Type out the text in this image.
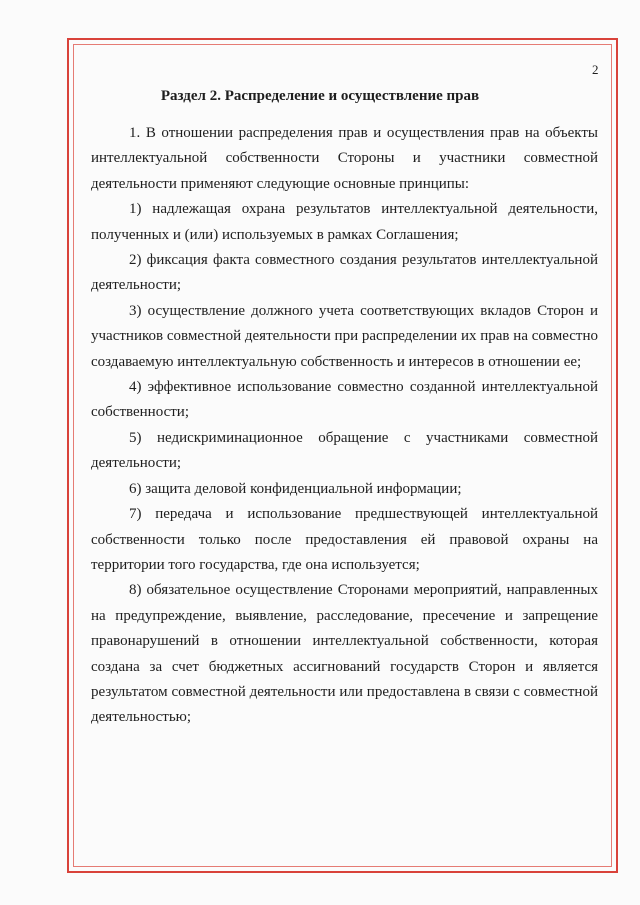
2
Раздел 2. Распределение и осуществление прав

1. В отношении распределения прав и осуществления прав на объекты интеллектуальной собственности Стороны и участники совместной деятельности применяют следующие основные принципы:

1) надлежащая охрана результатов интеллектуальной деятельности, полученных и (или) используемых в рамках Соглашения;

2) фиксация факта совместного создания результатов интеллектуальной деятельности;

3) осуществление должного учета соответствующих вкладов Сторон и участников совместной деятельности при распределении их прав на совместно создаваемую интеллектуальную собственность и интересов в отношении ее;

4) эффективное использование совместно созданной интеллектуальной собственности;

5) недискриминационное обращение с участниками совместной деятельности;

6) защита деловой конфиденциальной информации;

7) передача и использование предшествующей интеллектуальной собственности только после предоставления ей правовой охраны на территории того государства, где она используется;

8) обязательное осуществление Сторонами мероприятий, направленных на предупреждение, выявление, расследование, пресечение и запрещение правонарушений в отношении интеллектуальной собственности, которая создана за счет бюджетных ассигнований государств Сторон и является результатом совместной деятельности или предоставлена в связи с совместной деятельностью;
